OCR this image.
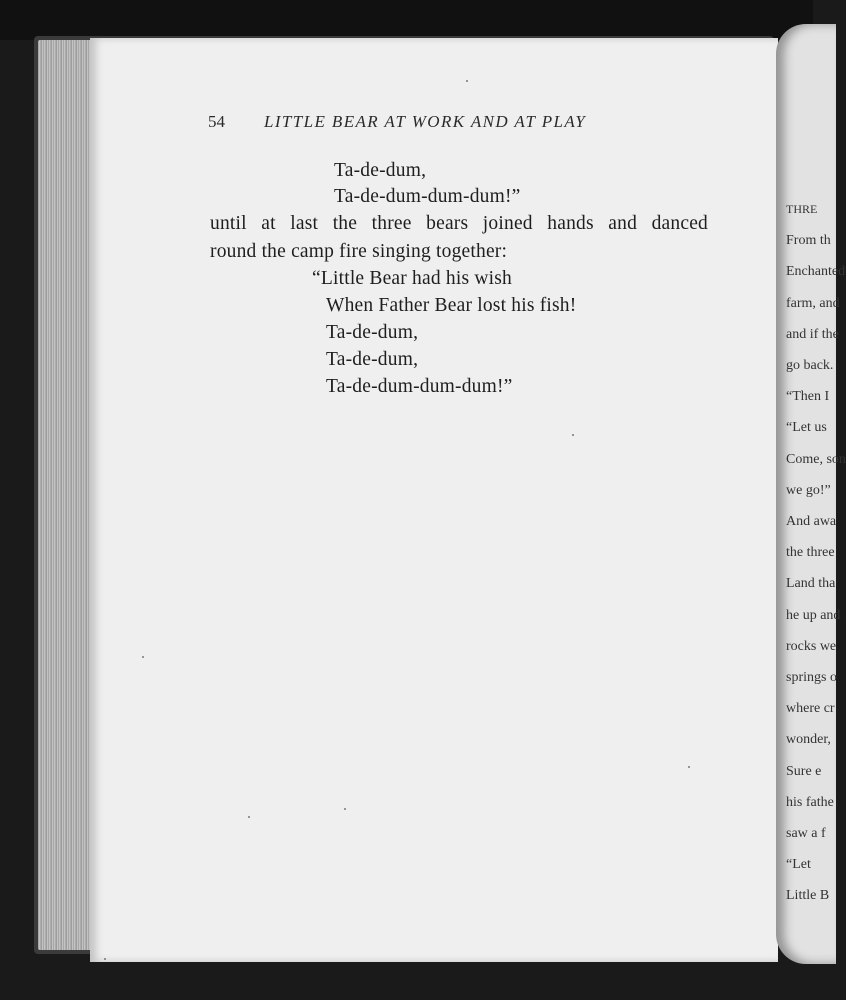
THRE
From th
Enchanted
farm, and
and if the
go back.
“Then I
“Let us
Come, son
we go!”
And awa
the three
Land tha
he up and
rocks we
springs o
where cr
wonder,
Sure e
his fathe
saw a f
“Let
Little B
54 LITTLE BEAR AT WORK AND AT PLAY
Ta-de-dum,
Ta-de-dum-dum-dum!”
until at last the three bears joined hands and danced
round the camp fire singing together:
“Little Bear had his wish
When Father Bear lost his fish!
Ta-de-dum,
Ta-de-dum,
Ta-de-dum-dum-dum!”
